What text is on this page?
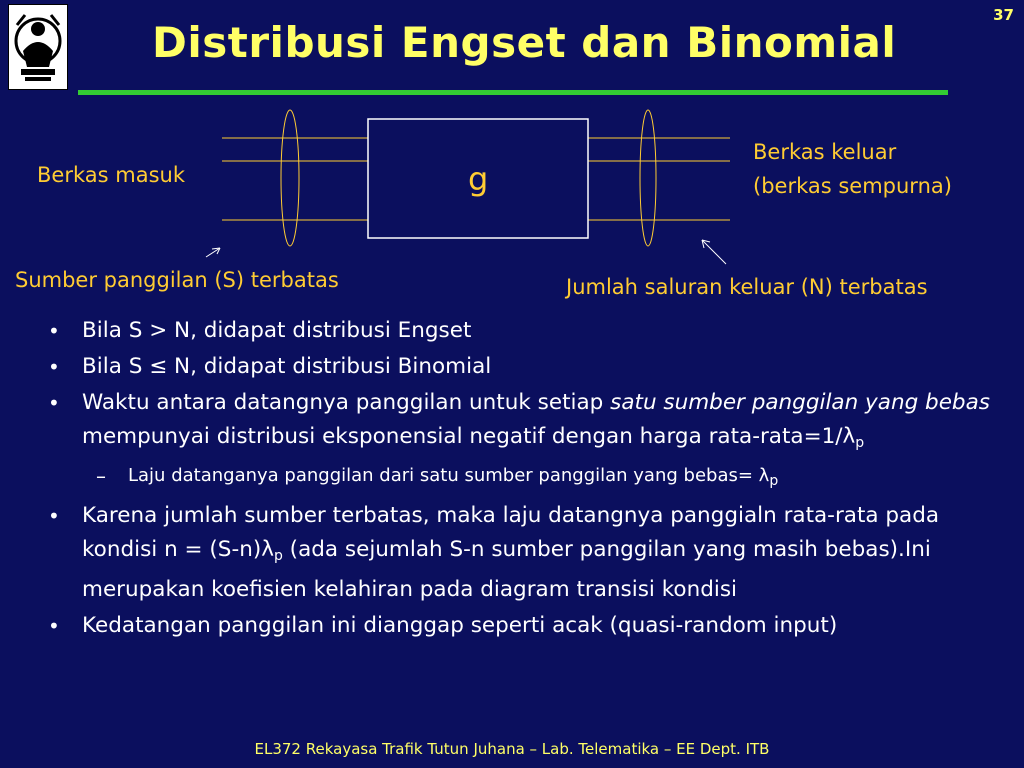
37
Distribusi Engset dan Binomial
g
Berkas masuk
Berkas keluar
(berkas sempurna)
Sumber panggilan (S) terbatas	Jumlah saluran keluar (N) terbatas
• Bila S > N, didapat distribusi Engset
• Bila S ≤ N, didapat distribusi Binomial
• Waktu antara datangnya panggilan untuk setiap satu sumber panggilan yang bebas mempunyai distribusi eksponensial negatif dengan harga rata-$rata=1/\lambda_p$
– Laju datanganya panggilan dari satu sumber panggilan yang bebas= $\lambda_p$
• Karena jumlah sumber terbatas, maka laju datangnya panggialn rata-rata pada kondisi $n = (S-n)\lambda_p$ (ada sejumlah S-n sumber panggilan yang masih bebas).Ini merupakan koefisien kelahiran pada diagram transisi kondisi
• Kedatangan panggilan ini dianggap seperti acak (quasi-random input)
EL372 Rekayasa Trafik Tutun Juhana – Lab. Telematika – EE Dept. ITB
